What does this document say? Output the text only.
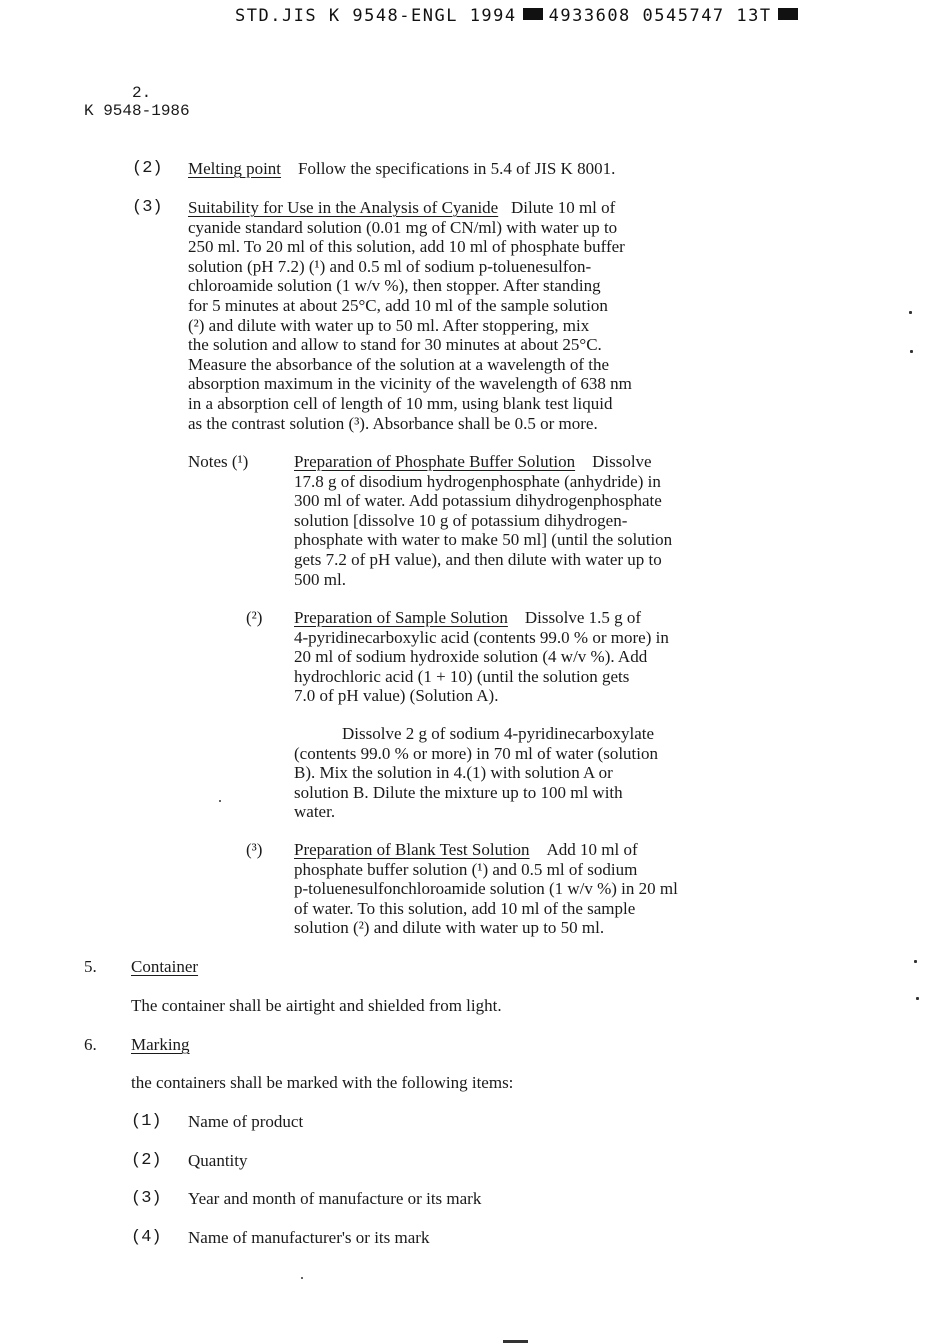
STD.JIS K 9548-ENGL 1994 4933608 0545747 13T
2.
K 9548-1986
(2) Melting point Follow the specifications in 5.4 of JIS K 8001.
(3) Suitability for Use in the Analysis of Cyanide Dilute 10 ml of
cyanide standard solution (0.01 mg of CN/ml) with water up to
250 ml. To 20 ml of this solution, add 10 ml of phosphate buffer
solution (pH 7.2) (¹) and 0.5 ml of sodium p-toluenesulfon-
chloroamide solution (1 w/v %), then stopper. After standing
for 5 minutes at about 25°C, add 10 ml of the sample solution
(²) and dilute with water up to 50 ml. After stoppering, mix
the solution and allow to stand for 30 minutes at about 25°C.
Measure the absorbance of the solution at a wavelength of the
absorption maximum in the vicinity of the wavelength of 638 nm
in a absorption cell of length of 10 mm, using blank test liquid
as the contrast solution (³). Absorbance shall be 0.5 or more.
Notes (¹)	Preparation of Phosphate Buffer Solution Dissolve
17.8 g of disodium hydrogenphosphate (anhydride) in
300 ml of water. Add potassium dihydrogenphosphate
solution [dissolve 10 g of potassium dihydrogen-
phosphate with water to make 50 ml] (until the solution
gets 7.2 of pH value), and then dilute with water up to
500 ml.
(²) Preparation of Sample Solution Dissolve 1.5 g of
4-pyridinecarboxylic acid (contents 99.0 % or more) in
20 ml of sodium hydroxide solution (4 w/v %). Add
hydrochloric acid (1 + 10) (until the solution gets
7.0 of pH value) (Solution A).
Dissolve 2 g of sodium 4-pyridinecarboxylate
(contents 99.0 % or more) in 70 ml of water (solution
B). Mix the solution in 4.(1) with solution A or
solution B. Dilute the mixture up to 100 ml with
water.
(³) Preparation of Blank Test Solution Add 10 ml of
phosphate buffer solution (¹) and 0.5 ml of sodium
p-toluenesulfonchloroamide solution (1 w/v %) in 20 ml
of water. To this solution, add 10 ml of the sample
solution (²) and dilute with water up to 50 ml.
5. Container
The container shall be airtight and shielded from light.
6. Marking
the containers shall be marked with the following items:
(1) Name of product
(2) Quantity
(3) Year and month of manufacture or its mark
(4) Name of manufacturer's or its mark
